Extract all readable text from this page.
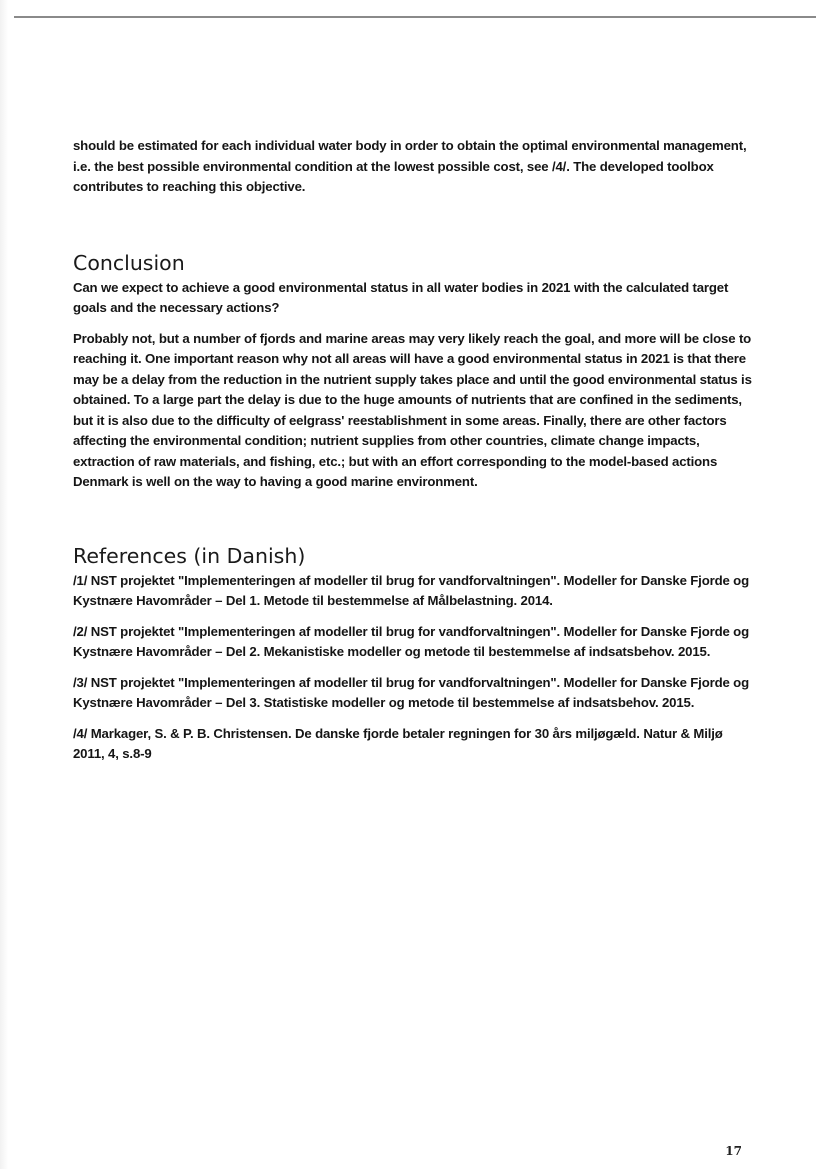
should be estimated for each individual water body in order to obtain the optimal environmental management, i.e. the best possible environmental condition at the lowest possible cost, see /4/. The developed toolbox contributes to reaching this objective.

Conclusion

Can we expect to achieve a good environmental status in all water bodies in 2021 with the calculated target goals and the necessary actions?

Probably not, but a number of fjords and marine areas may very likely reach the goal, and more will be close to reaching it. One important reason why not all areas will have a good environmental status in 2021 is that there may be a delay from the reduction in the nutrient supply takes place and until the good environmental status is obtained. To a large part the delay is due to the huge amounts of nutrients that are confined in the sediments, but it is also due to the difficulty of eelgrass' reestablishment in some areas. Finally, there are other factors affecting the environmental condition; nutrient supplies from other countries, climate change impacts, extraction of raw materials, and fishing, etc.; but with an effort corresponding to the model-based actions Denmark is well on the way to having a good marine environment.

References (in Danish)

/1/ NST projektet "Implementeringen af modeller til brug for vandforvaltningen". Modeller for Danske Fjorde og Kystnære Havområder – Del 1. Metode til bestemmelse af Målbelastning. 2014.

/2/ NST projektet "Implementeringen af modeller til brug for vandforvaltningen". Modeller for Danske Fjorde og Kystnære Havområder – Del 2. Mekanistiske modeller og metode til bestemmelse af indsatsbehov. 2015.

/3/ NST projektet "Implementeringen af modeller til brug for vandforvaltningen". Modeller for Danske Fjorde og Kystnære Havområder – Del 3. Statistiske modeller og metode til bestemmelse af indsatsbehov. 2015.

/4/ Markager, S. & P. B. Christensen. De danske fjorde betaler regningen for 30 års miljøgæld. Natur & Miljø 2011, 4, s.8-9

17
